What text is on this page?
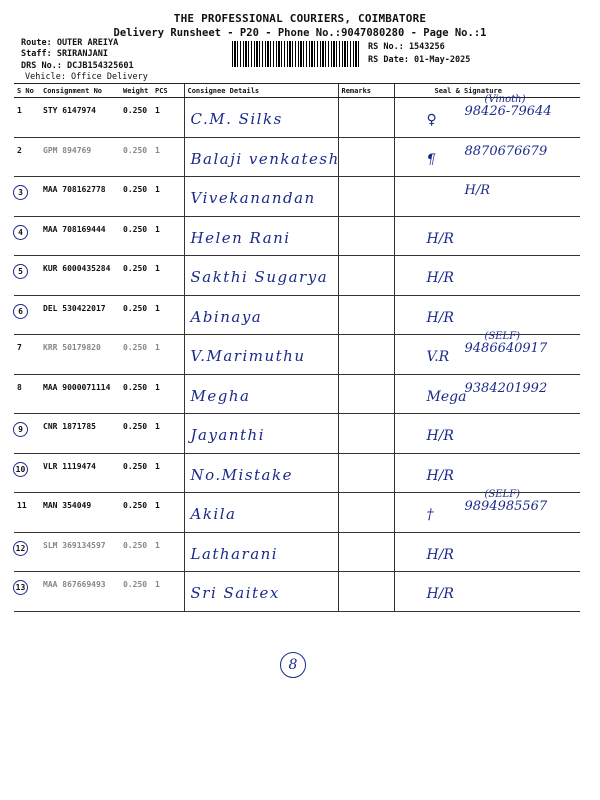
THE PROFESSIONAL COURIERS, COIMBATORE
Delivery Runsheet - P20 - Phone No.:9047080280 - Page No.:1
Route: OUTER AREIYA
Staff: SRIRANJANI
DRS No.: DCJB154325601
Vehicle: Office Delivery
RS No.: 1543256
RS Date: 01-May-2025
S No	Consignment No	Weight	PCS	Consignee Details	Remarks	Seal & Signature
1	STY 6147974	0.250	1	C.M. Silks		♀
98426-79644
(Vinoth)

2	GPM 894769	0.250	1	Balaji venkatesh		¶
8870676679

3	MAA 708162778	0.250	1	Vivekanandan		H/R

4	MAA 708169444	0.250	1	Helen Rani		H/R

5	KUR 6000435284	0.250	1	Sakthi Sugarya		H/R

6	DEL 530422017	0.250	1	Abinaya		H/R

7	KRR 50179820	0.250	1	V.Marimuthu		V.R
9486640917
(SELF)

8	MAA 9000071114	0.250	1	Megha		Mega
9384201992

9	CNR 1871785	0.250	1	Jayanthi		H/R

10	VLR 1119474	0.250	1	No.Mistake		H/R

11	MAN 354049	0.250	1	Akila		†
9894985567
(SELF)

12	SLM 369134597	0.250	1	Latharani		H/R

13	MAA 867669493	0.250	1	Sri Saitex		H/R
8
